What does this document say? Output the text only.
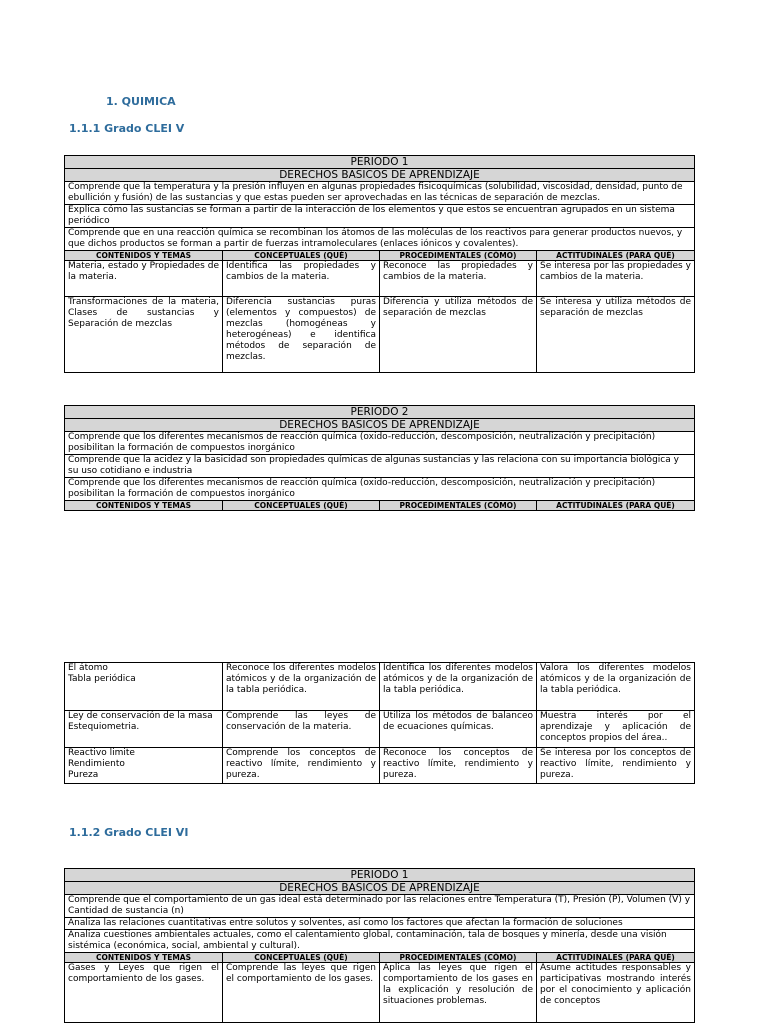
1. QUIMICA
1.1.1 Grado CLEI V
PERIODO 1			
DERECHOS BASICOS DE APRENDIZAJE			
Comprende que la temperatura y la presión influyen en algunas propiedades fisicoquímicas (solubilidad, viscosidad, densidad, punto de ebullición y fusión) de las sustancias y que estas pueden ser aprovechadas en las técnicas de separación de mezclas.			
Explica cómo las sustancias se forman a partir de la interacción de los elementos y que estos se encuentran agrupados en un sistema periódico			
Comprende que en una reacción química se recombinan los átomos de las moléculas de los reactivos para generar productos nuevos, y que dichos productos se forman a partir de fuerzas intramoleculares (enlaces iónicos y covalentes).			
CONTENIDOS Y TEMAS	CONCEPTUALES (QUÉ)	PROCEDIMENTALES (CÓMO)	ACTITUDINALES (PARA QUÉ)
Materia, estado y Propiedades de la materia.	Identifica las propiedades y cambios de la materia.	Reconoce las propiedades y cambios de la materia.	Se interesa por las propiedades y cambios de la materia.
Transformaciones de la materia, Clases de sustancias y Separación de mezclas	Diferencia sustancias puras (elementos y compuestos) de mezclas (homogéneas y heterogéneas) e identifica métodos de separación de mezclas.	Diferencia y utiliza métodos de separación de mezclas	Se interesa y utiliza métodos de separación de mezclas
PERIODO 2
DERECHOS BASICOS DE APRENDIZAJE
Comprende que los diferentes mecanismos de reacción química (oxido-reducción, descomposición, neutralización y precipitación) posibilitan la formación de compuestos inorgánico
Comprende que la acidez y la basicidad son propiedades químicas de algunas sustancias y las relaciona con su importancia biológica y su uso cotidiano e industria
Comprende que los diferentes mecanismos de reacción química (oxido-reducción, descomposición, neutralización y precipitación) posibilitan la formación de compuestos inorgánico
CONTENIDOS Y TEMAS	CONCEPTUALES (QUÉ)	PROCEDIMENTALES (CÓMO)	ACTITUDINALES (PARA QUÉ)
El átomo
Tabla periódica	Reconoce los diferentes modelos atómicos y de la organización de la tabla periódica.	Identifica los diferentes modelos atómicos y de la organización de la tabla periódica.	Valora los diferentes modelos atómicos y de la organización de la tabla periódica.
Ley de conservación de la masa
Estequiometria.	Comprende las leyes de conservación de la materia.	Utiliza los métodos de balanceo de ecuaciones químicas.	Muestra interés por el aprendizaje y aplicación de conceptos propios del área..
Reactivo limite
Rendimiento
Pureza	Comprende los conceptos de reactivo límite, rendimiento y pureza.	Reconoce los conceptos de reactivo límite, rendimiento y pureza.	Se interesa por los conceptos de reactivo límite, rendimiento y pureza.
1.1.2 Grado CLEI VI
PERIODO 1			
DERECHOS BASICOS DE APRENDIZAJE			
Comprende que el comportamiento de un gas ideal está determinado por las relaciones entre Temperatura (T), Presión (P), Volumen (V) y Cantidad de sustancia (n)			
Analiza las relaciones cuantitativas entre solutos y solventes, así como los factores que afectan la formación de soluciones			
Analiza cuestiones ambientales actuales, como el calentamiento global, contaminación, tala de bosques y minería, desde una visión sistémica (económica, social, ambiental y cultural).			
CONTENIDOS Y TEMAS	CONCEPTUALES (QUÉ)	PROCEDIMENTALES (CÓMO)	ACTITUDINALES (PARA QUÉ)
Gases y Leyes que rigen el comportamiento de los gases.	Comprende las leyes que rigen el comportamiento de los gases.	Aplica las leyes que rigen el comportamiento de los gases en la explicación y resolución de situaciones problemas.	Asume actitudes responsables y participativas mostrando interés por el conocimiento y aplicación de conceptos
